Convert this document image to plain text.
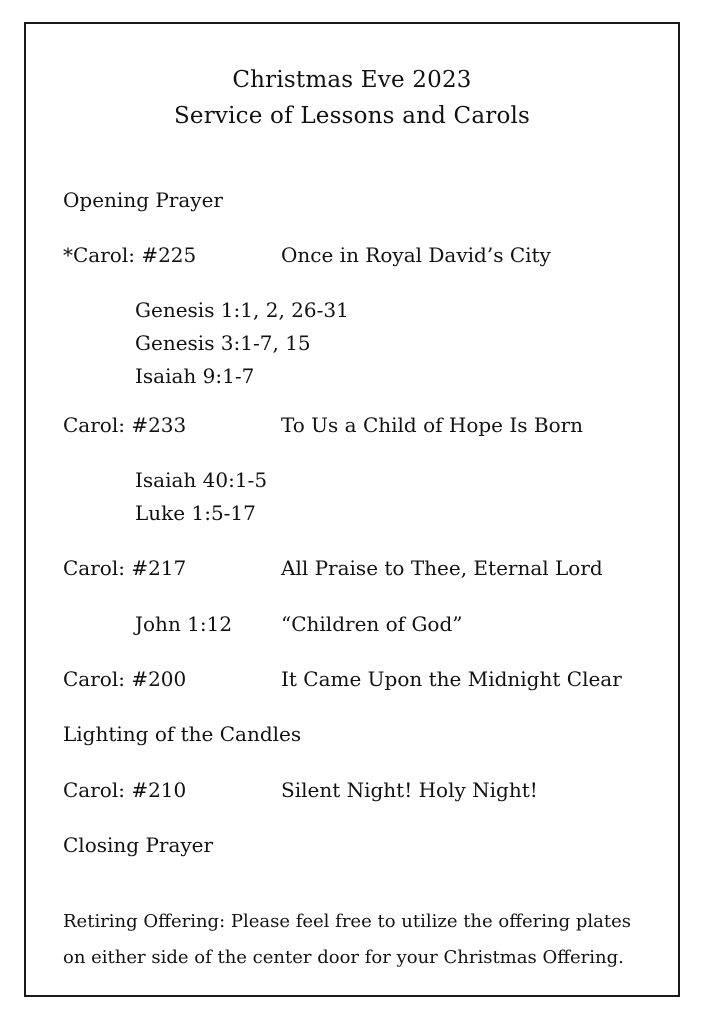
Christmas Eve 2023
Service of Lessons and Carols
Opening Prayer
*Carol: #225	Once in Royal David’s City
Genesis 1:1, 2, 26-31
Genesis 3:1-7, 15
Isaiah 9:1-7
Carol: #233	To Us a Child of Hope Is Born
Isaiah 40:1-5
Luke 1:5-17
Carol: #217	All Praise to Thee, Eternal Lord
John 1:12 “Children of God”
Carol: #200	It Came Upon the Midnight Clear
Lighting of the Candles
Carol: #210	Silent Night! Holy Night!
Closing Prayer
Retiring Offering: Please feel free to utilize the offering plates
on either side of the center door for your Christmas Offering.
